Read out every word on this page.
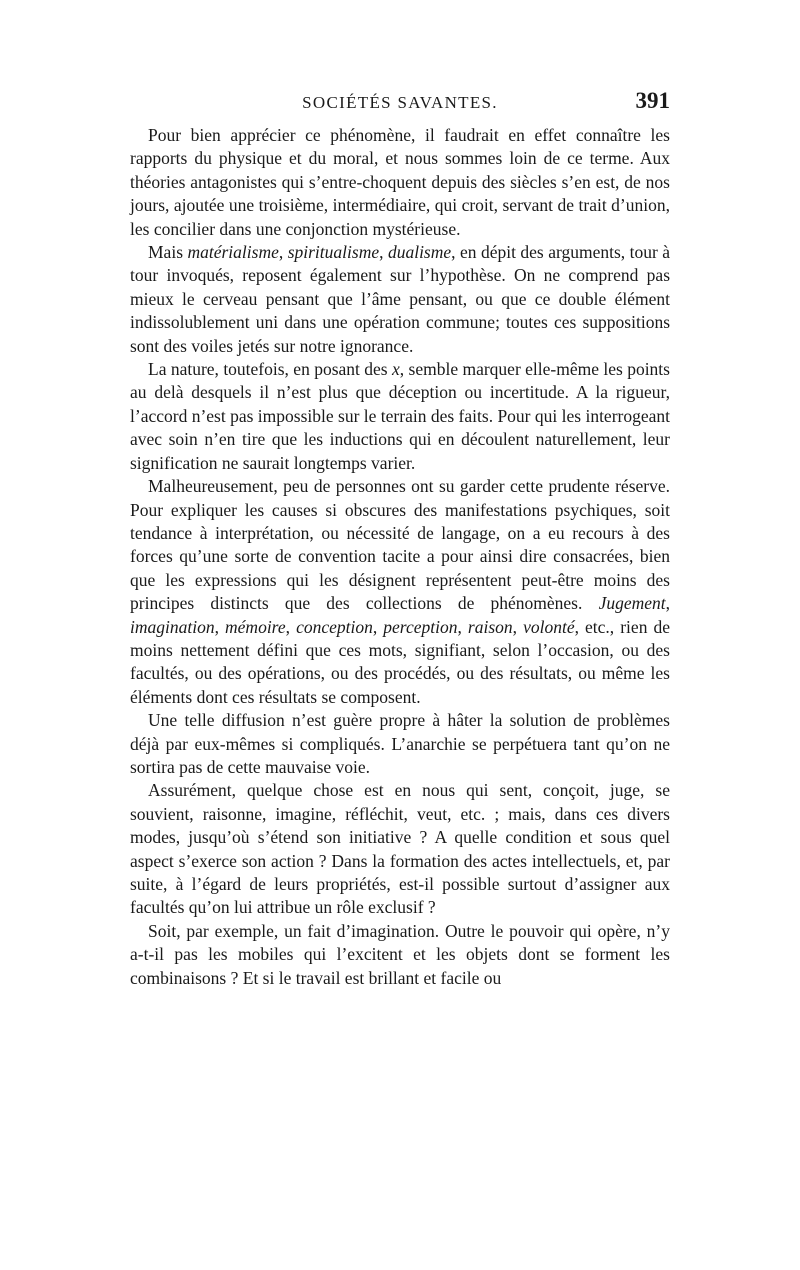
SOCIÉTÉS SAVANTES.	391

Pour bien apprécier ce phénomène, il faudrait en effet connaître les rapports du physique et du moral, et nous sommes loin de ce terme. Aux théories antagonistes qui s’entre-choquent depuis des siècles s’en est, de nos jours, ajoutée une troisième, intermédiaire, qui croit, servant de trait d’union, les concilier dans une conjonction mystérieuse.

Mais matérialisme, spiritualisme, dualisme, en dépit des arguments, tour à tour invoqués, reposent également sur l’hypothèse. On ne comprend pas mieux le cerveau pensant que l’âme pensant, ou que ce double élément indissolublement uni dans une opération commune; toutes ces suppositions sont des voiles jetés sur notre ignorance.

La nature, toutefois, en posant des x, semble marquer elle-même les points au delà desquels il n’est plus que déception ou incertitude. A la rigueur, l’accord n’est pas impossible sur le terrain des faits. Pour qui les interrogeant avec soin n’en tire que les inductions qui en découlent naturellement, leur signification ne saurait longtemps varier.

Malheureusement, peu de personnes ont su garder cette prudente réserve. Pour expliquer les causes si obscures des manifestations psychiques, soit tendance à interprétation, ou nécessité de langage, on a eu recours à des forces qu’une sorte de convention tacite a pour ainsi dire consacrées, bien que les expressions qui les désignent représentent peut-être moins des principes distincts que des collections de phénomènes. Jugement, imagination, mémoire, conception, perception, raison, volonté, etc., rien de moins nettement défini que ces mots, signifiant, selon l’occasion, ou des facultés, ou des opérations, ou des procédés, ou des résultats, ou même les éléments dont ces résultats se composent.

Une telle diffusion n’est guère propre à hâter la solution de problèmes déjà par eux-mêmes si compliqués. L’anarchie se perpétuera tant qu’on ne sortira pas de cette mauvaise voie.

Assurément, quelque chose est en nous qui sent, conçoit, juge, se souvient, raisonne, imagine, réfléchit, veut, etc. ; mais, dans ces divers modes, jusqu’où s’étend son initiative ? A quelle condition et sous quel aspect s’exerce son action ? Dans la formation des actes intellectuels, et, par suite, à l’égard de leurs propriétés, est-il possible surtout d’assigner aux facultés qu’on lui attribue un rôle exclusif ?

Soit, par exemple, un fait d’imagination. Outre le pouvoir qui opère, n’y a-t-il pas les mobiles qui l’excitent et les objets dont se forment les combinaisons ? Et si le travail est brillant et facile ou
